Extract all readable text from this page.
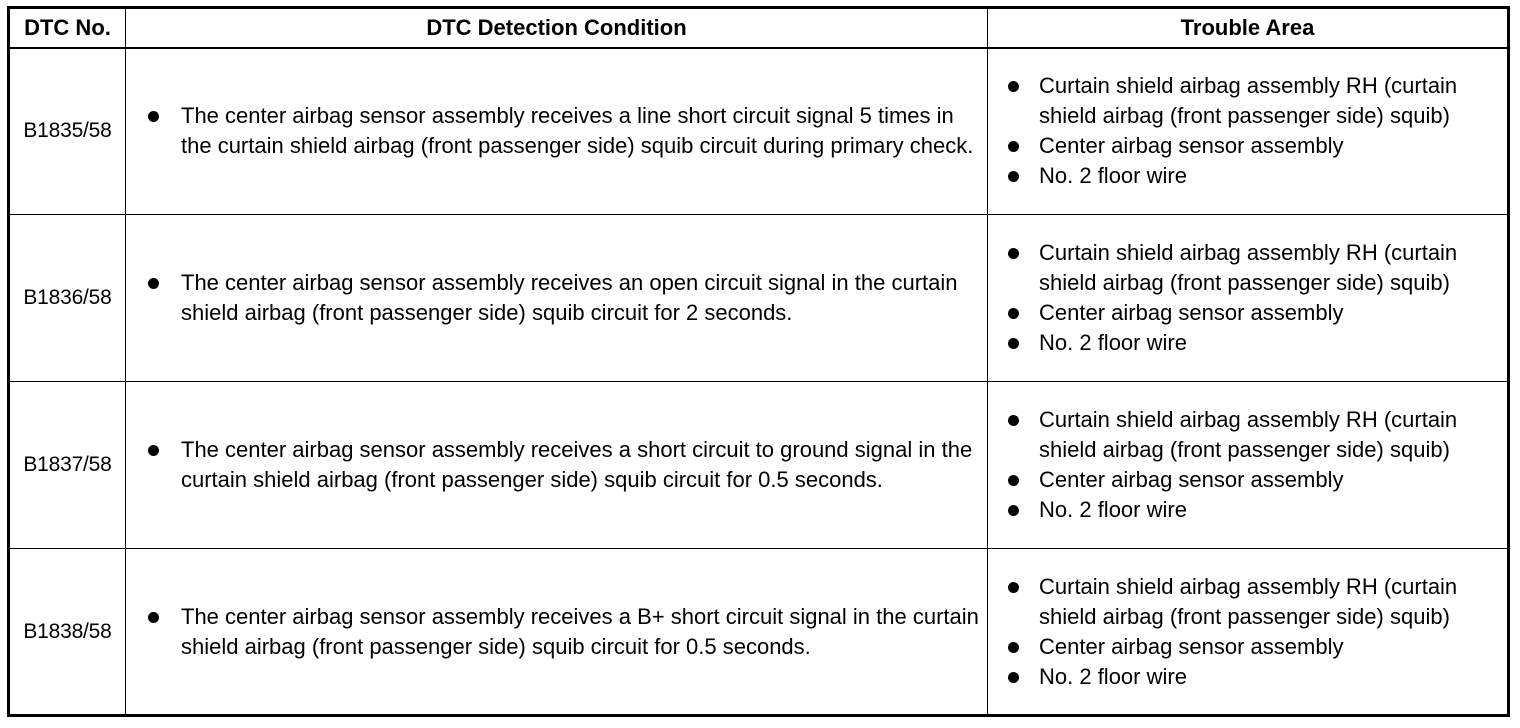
DTC No.	DTC Detection Condition	Trouble Area
B1835/58	The center airbag sensor assembly receives a line short circuit signal 5 times in the curtain shield airbag (front passenger side) squib circuit during primary check.	Curtain shield airbag assembly RH (curtain shield airbag (front passenger side) squib)
Center airbag sensor assembly
No. 2 floor wire

B1836/58	The center airbag sensor assembly receives an open circuit signal in the curtain shield airbag (front passenger side) squib circuit for 2 seconds.	Curtain shield airbag assembly RH (curtain shield airbag (front passenger side) squib)
Center airbag sensor assembly
No. 2 floor wire

B1837/58	The center airbag sensor assembly receives a short circuit to ground signal in the curtain shield airbag (front passenger side) squib circuit for 0.5 seconds.	Curtain shield airbag assembly RH (curtain shield airbag (front passenger side) squib)
Center airbag sensor assembly
No. 2 floor wire

B1838/58	The center airbag sensor assembly receives a B+ short circuit signal in the curtain shield airbag (front passenger side) squib circuit for 0.5 seconds.	Curtain shield airbag assembly RH (curtain shield airbag (front passenger side) squib)
Center airbag sensor assembly
No. 2 floor wire
